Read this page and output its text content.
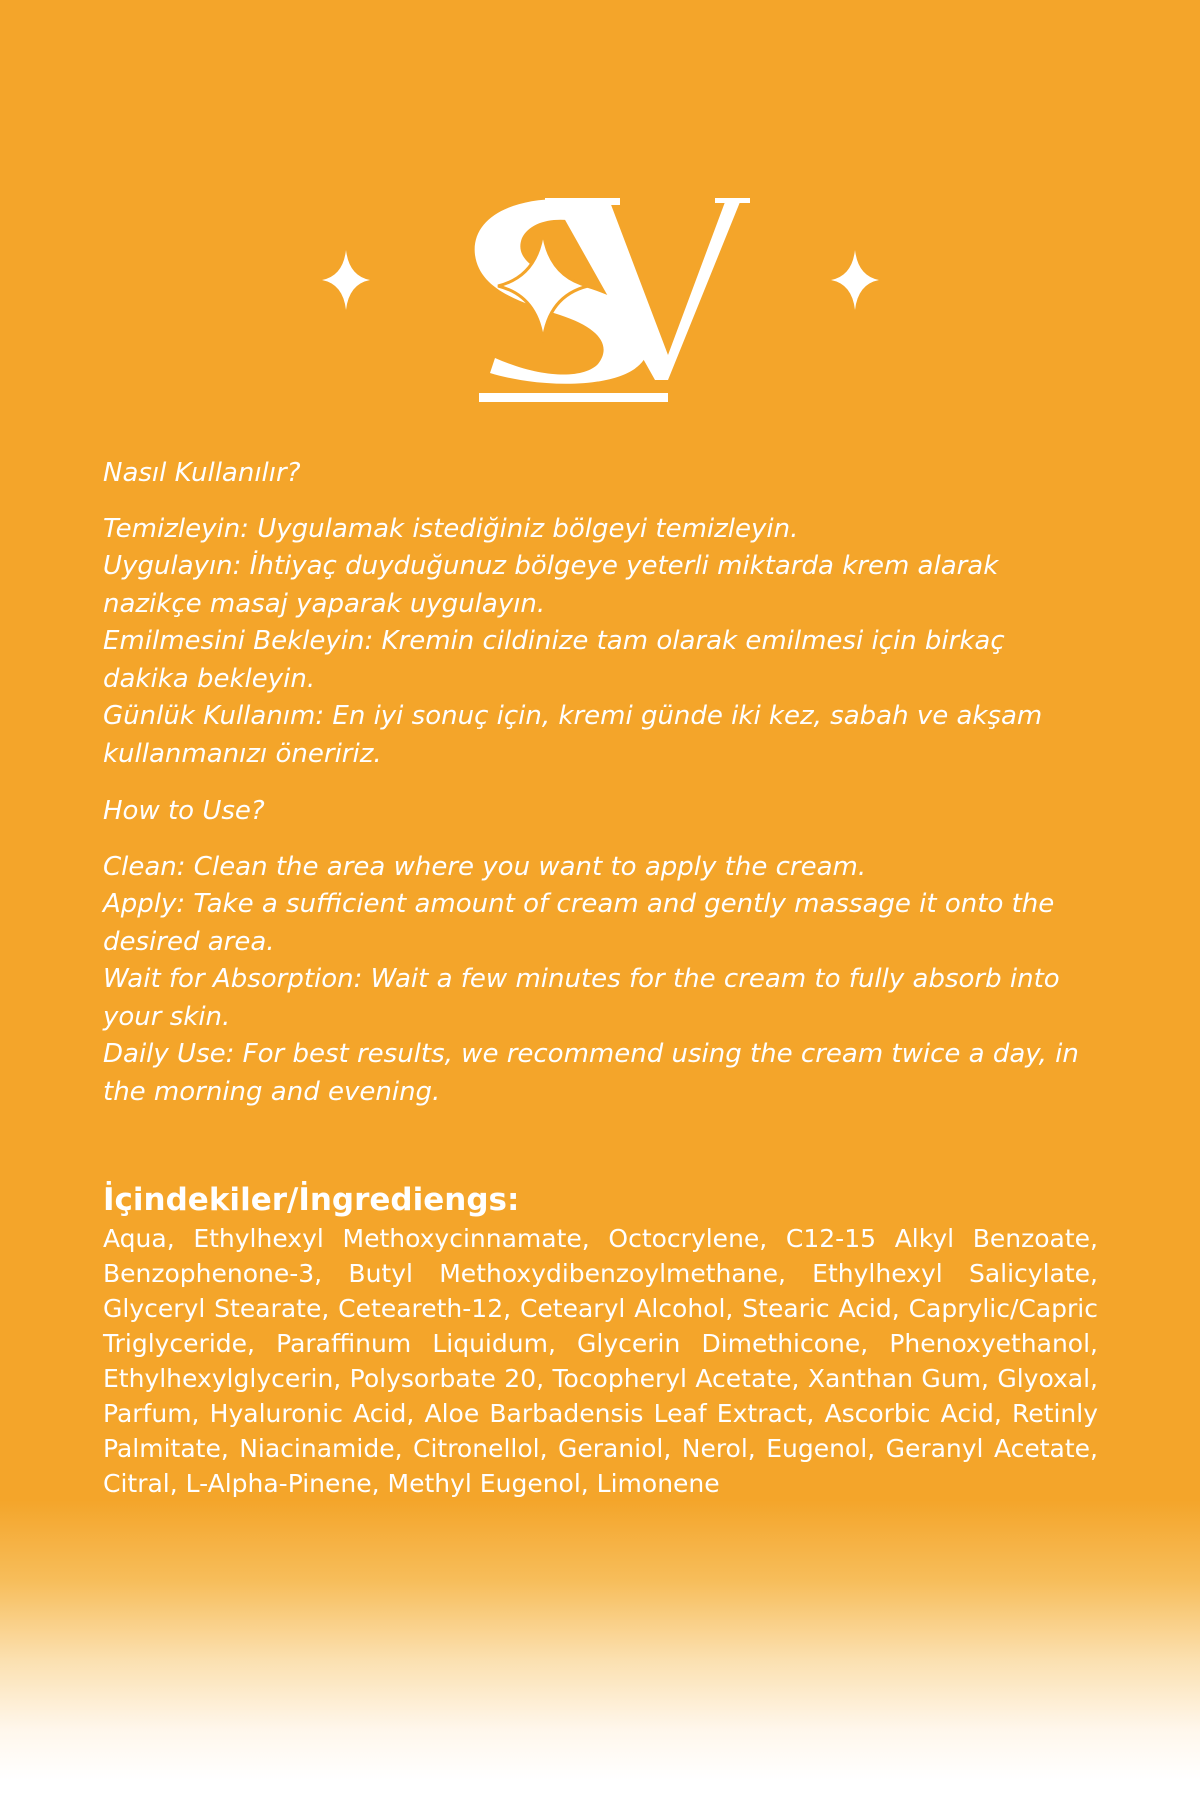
Nasıl Kullanılır?

Temizleyin: Uygulamak istediğiniz bölgeyi temizleyin.

Uygulayın: İhtiyaç duyduğunuz bölgeye yeterli miktarda krem alarak nazikçe masaj yaparak uygulayın.

Emilmesini Bekleyin: Kremin cildinize tam olarak emilmesi için birkaç dakika bekleyin.

Günlük Kullanım: En iyi sonuç için, kremi günde iki kez, sabah ve akşam kullanmanızı öneririz.

How to Use?

Clean: Clean the area where you want to apply the cream.

Apply: Take a sufficient amount of cream and gently massage it onto the desired area.

Wait for Absorption: Wait a few minutes for the cream to fully absorb into your skin.

Daily Use: For best results, we recommend using the cream twice a day, in the morning and evening.

İçindekiler/İngrediengs:

Aqua, Ethylhexyl Methoxycinnamate, Octocrylene, C12-15 Alkyl Benzoate, Benzophenone-3, Butyl Methoxydibenzoylmethane, Ethylhexyl Salicylate, Glyceryl Stearate, Ceteareth-12, Cetearyl Alcohol, Stearic Acid, Caprylic/Capric Triglyceride, Paraffinum Liquidum, Glycerin Dimethicone, Phenoxyethanol, Ethylhexylglycerin, Polysorbate 20, Tocopheryl Acetate, Xanthan Gum, Glyoxal, Parfum, Hyaluronic Acid, Aloe Barbadensis Leaf Extract, Ascorbic Acid, Retinly Palmitate, Niacinamide, Citronellol, Geraniol, Nerol, Eugenol, Geranyl Acetate, Citral, L-Alpha-Pinene, Methyl Eugenol, Limonene
